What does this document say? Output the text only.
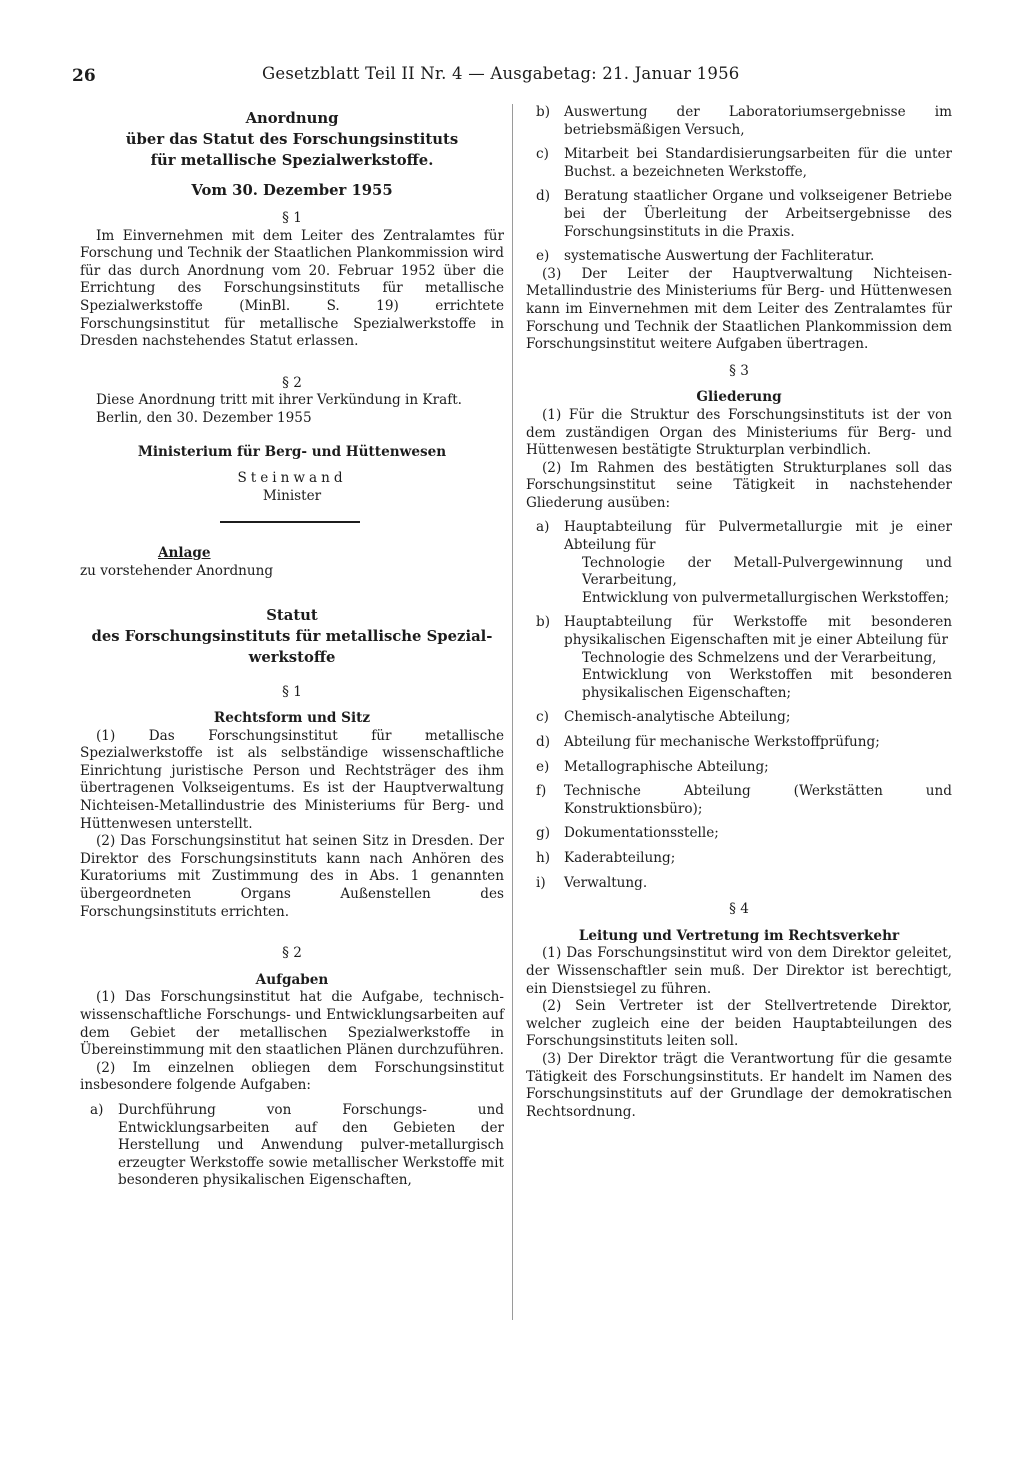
26	Gesetzblatt Teil II Nr. 4 — Ausgabetag: 21. Januar 1956
Anordnung
über das Statut des Forschungsinstituts
für metallische Spezialwerkstoffe.
Vom 30. Dezember 1955
§ 1

Im Einvernehmen mit dem Leiter des Zentralamtes für Forschung und Technik der Staatlichen Plankommission wird für das durch Anordnung vom 20. Februar 1952 über die Errichtung des Forschungsinstituts für metallische Spezialwerkstoffe (MinBl. S. 19) errichtete Forschungsinstitut für metallische Spezialwerkstoffe in Dresden nachstehendes Statut erlassen.

§ 2

Diese Anordnung tritt mit ihrer Verkündung in Kraft.

Berlin, den 30. Dezember 1955

Ministerium für Berg- und Hüttenwesen
Steinwand
Minister
Anlage
zu vorstehender Anordnung
Statut
des Forschungsinstituts für metallische Spezial-
werkstoffe
§ 1
Rechtsform und Sitz

(1) Das Forschungsinstitut für metallische Spezialwerkstoffe ist als selbständige wissenschaftliche Einrichtung juristische Person und Rechtsträger des ihm übertragenen Volkseigentums. Es ist der Hauptverwaltung Nichteisen-Metallindustrie des Ministeriums für Berg- und Hüttenwesen unterstellt.

(2) Das Forschungsinstitut hat seinen Sitz in Dresden. Der Direktor des Forschungsinstituts kann nach Anhören des Kuratoriums mit Zustimmung des in Abs. 1 genannten übergeordneten Organs Außenstellen des Forschungsinstituts errichten.

§ 2
Aufgaben

(1) Das Forschungsinstitut hat die Aufgabe, technisch-wissenschaftliche Forschungs- und Entwicklungsarbeiten auf dem Gebiet der metallischen Spezialwerkstoffe in Übereinstimmung mit den staatlichen Plänen durchzuführen.

(2) Im einzelnen obliegen dem Forschungsinstitut insbesondere folgende Aufgaben:

a) Durchführung von Forschungs- und Entwicklungsarbeiten auf den Gebieten der Herstellung und Anwendung pulver-metallurgisch erzeugter Werkstoffe sowie metallischer Werkstoffe mit besonderen physikalischen Eigenschaften,
b) Auswertung der Laboratoriumsergebnisse im betriebsmäßigen Versuch,
c) Mitarbeit bei Standardisierungsarbeiten für die unter Buchst. a bezeichneten Werkstoffe,
d) Beratung staatlicher Organe und volkseigener Betriebe bei der Überleitung der Arbeitsergebnisse des Forschungsinstituts in die Praxis.
e) systematische Auswertung der Fachliteratur.

(3) Der Leiter der Hauptverwaltung Nichteisen-Metallindustrie des Ministeriums für Berg- und Hüttenwesen kann im Einvernehmen mit dem Leiter des Zentralamtes für Forschung und Technik der Staatlichen Plankommission dem Forschungsinstitut weitere Aufgaben übertragen.

§ 3
Gliederung

(1) Für die Struktur des Forschungsinstituts ist der von dem zuständigen Organ des Ministeriums für Berg- und Hüttenwesen bestätigte Strukturplan verbindlich.

(2) Im Rahmen des bestätigten Strukturplanes soll das Forschungsinstitut seine Tätigkeit in nachstehender Gliederung ausüben:

a) Hauptabteilung für Pulvermetallurgie mit je einer Abteilung für
Technologie der Metall-Pulvergewinnung und Verarbeitung,
Entwicklung von pulvermetallurgischen Werkstoffen;
b) Hauptabteilung für Werkstoffe mit besonderen physikalischen Eigenschaften mit je einer Abteilung für
Technologie des Schmelzens und der Verarbeitung,
Entwicklung von Werkstoffen mit besonderen physikalischen Eigenschaften;
c) Chemisch-analytische Abteilung;
d) Abteilung für mechanische Werkstoffprüfung;
e) Metallographische Abteilung;
f) Technische Abteilung (Werkstätten und Konstruktionsbüro);
g) Dokumentationsstelle;
h) Kaderabteilung;
i) Verwaltung.
§ 4
Leitung und Vertretung im Rechtsverkehr

(1) Das Forschungsinstitut wird von dem Direktor geleitet, der Wissenschaftler sein muß. Der Direktor ist berechtigt, ein Dienstsiegel zu führen.

(2) Sein Vertreter ist der Stellvertretende Direktor, welcher zugleich eine der beiden Hauptabteilungen des Forschungsinstituts leiten soll.

(3) Der Direktor trägt die Verantwortung für die gesamte Tätigkeit des Forschungsinstituts. Er handelt im Namen des Forschungsinstituts auf der Grundlage der demokratischen Rechtsordnung.
